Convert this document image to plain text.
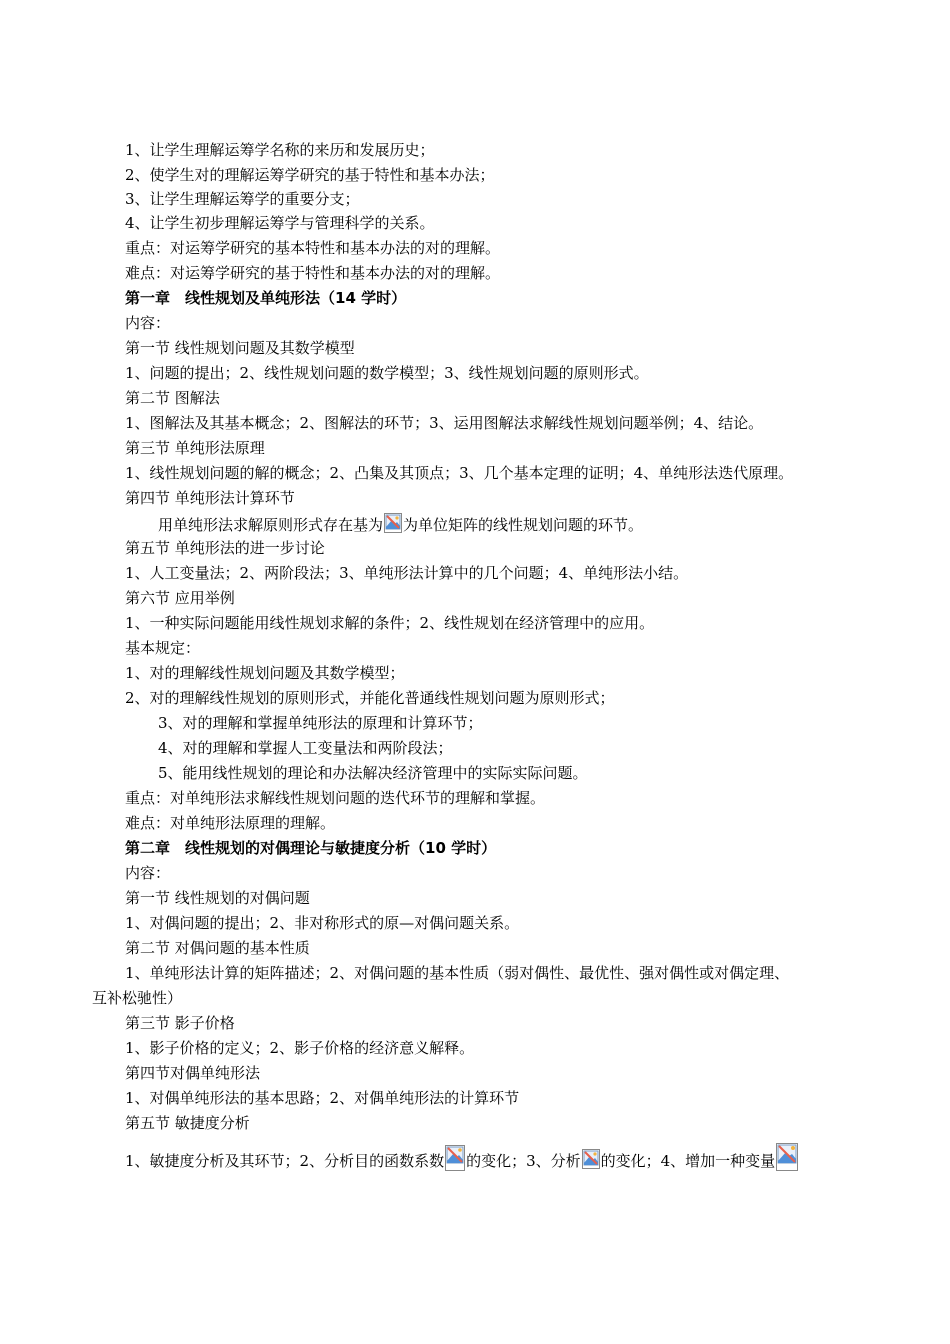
1、让学生理解运筹学名称的来历和发展历史；
2、使学生对的理解运筹学研究的基于特性和基本办法；
3、让学生理解运筹学的重要分支；
4、让学生初步理解运筹学与管理科学的关系。
重点：对运筹学研究的基本特性和基本办法的对的理解。
难点：对运筹学研究的基于特性和基本办法的对的理解。
第一章　线性规划及单纯形法（14 学时）
内容：
第一节 线性规划问题及其数学模型
1、问题的提出；2、线性规划问题的数学模型；3、线性规划问题的原则形式。
第二节 图解法
1、图解法及其基本概念；2、图解法的环节；3、运用图解法求解线性规划问题举例；4、结论。
第三节 单纯形法原理
1、线性规划问题的解的概念；2、凸集及其顶点；3、几个基本定理的证明；4、单纯形法迭代原理。
第四节 单纯形法计算环节
用单纯形法求解原则形式存在基为 为单位矩阵的线性规划问题的环节。
第五节 单纯形法的进一步讨论
1、人工变量法；2、两阶段法；3、单纯形法计算中的几个问题；4、单纯形法小结。
第六节 应用举例
1、一种实际问题能用线性规划求解的条件；2、线性规划在经济管理中的应用。
基本规定：
1、对的理解线性规划问题及其数学模型；
2、对的理解线性规划的原则形式，并能化普通线性规划问题为原则形式；
3、对的理解和掌握单纯形法的原理和计算环节；
4、对的理解和掌握人工变量法和两阶段法；
5、能用线性规划的理论和办法解决经济管理中的实际实际问题。
重点：对单纯形法求解线性规划问题的迭代环节的理解和掌握。
难点：对单纯形法原理的理解。
第二章　线性规划的对偶理论与敏捷度分析（10 学时）
内容：
第一节 线性规划的对偶问题
1、对偶问题的提出；2、非对称形式的原—对偶问题关系。
第二节 对偶问题的基本性质
1、单纯形法计算的矩阵描述；2、对偶问题的基本性质（弱对偶性、最优性、强对偶性或对偶定理、
互补松驰性）
第三节 影子价格
1、影子价格的定义；2、影子价格的经济意义解释。
第四节对偶单纯形法
1、对偶单纯形法的基本思路；2、对偶单纯形法的计算环节
第五节 敏捷度分析
1、敏捷度分析及其环节；2、分析目的函数系数 的变化；3、分析 的变化；4、增加一种变量
